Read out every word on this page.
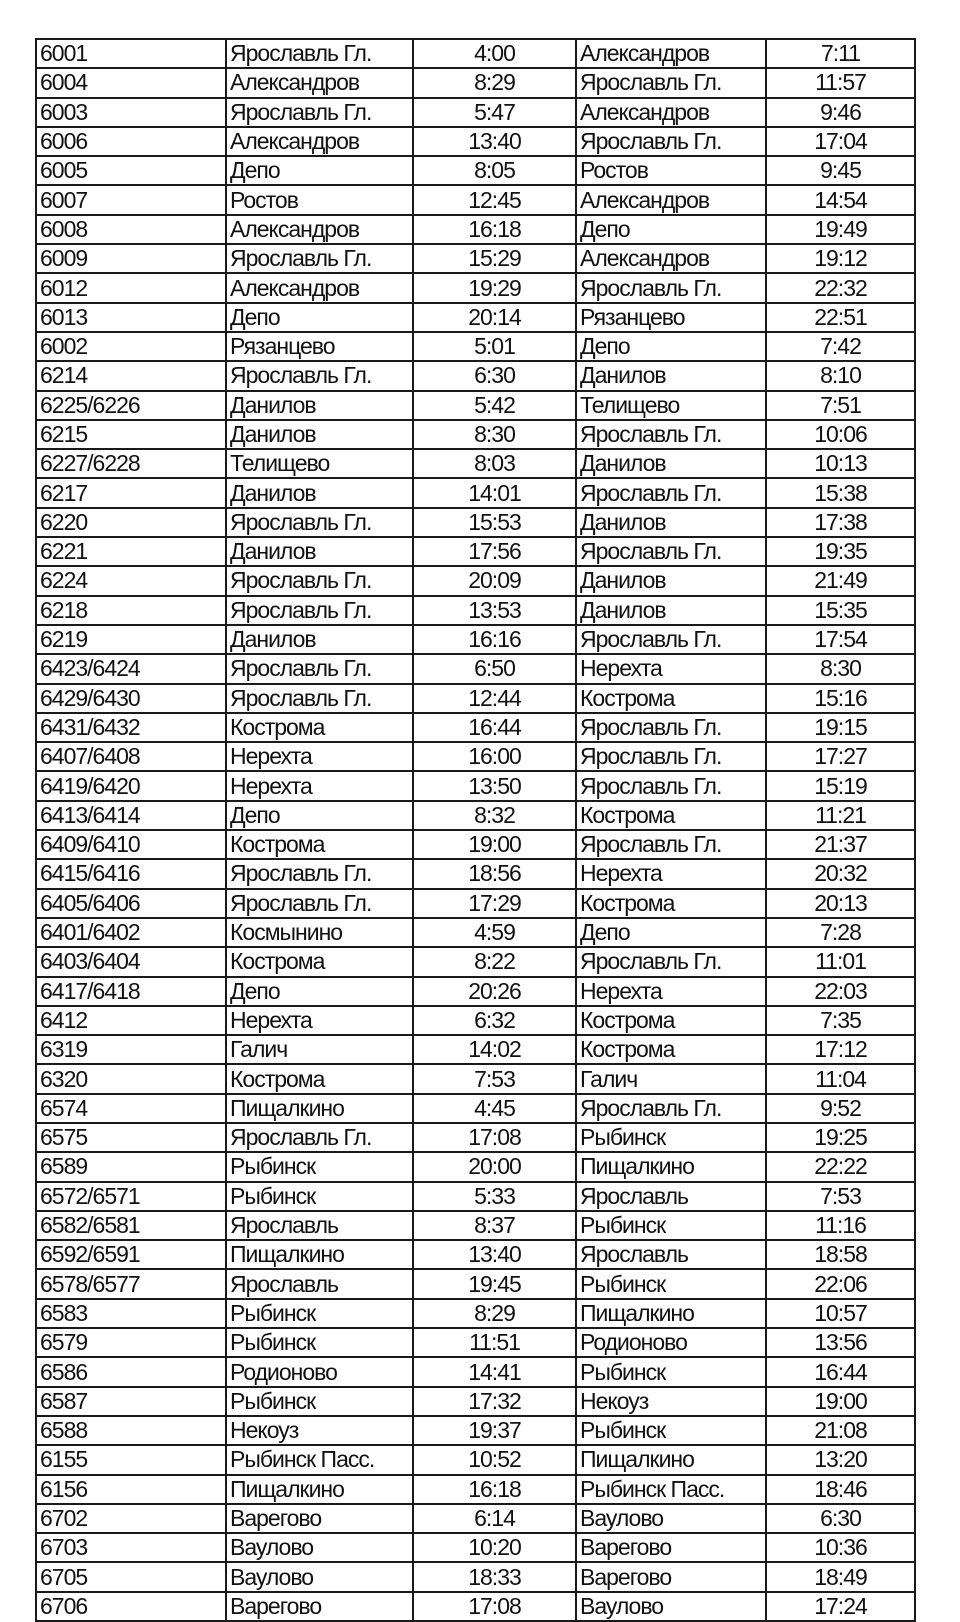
6001	Ярославль Гл.	4:00	Александров	7:11
6004	Александров	8:29	Ярославль Гл.	11:57
6003	Ярославль Гл.	5:47	Александров	9:46
6006	Александров	13:40	Ярославль Гл.	17:04
6005	Депо	8:05	Ростов	9:45
6007	Ростов	12:45	Александров	14:54
6008	Александров	16:18	Депо	19:49
6009	Ярославль Гл.	15:29	Александров	19:12
6012	Александров	19:29	Ярославль Гл.	22:32
6013	Депо	20:14	Рязанцево	22:51
6002	Рязанцево	5:01	Депо	7:42
6214	Ярославль Гл.	6:30	Данилов	8:10
6225/6226	Данилов	5:42	Телищево	7:51
6215	Данилов	8:30	Ярославль Гл.	10:06
6227/6228	Телищево	8:03	Данилов	10:13
6217	Данилов	14:01	Ярославль Гл.	15:38
6220	Ярославль Гл.	15:53	Данилов	17:38
6221	Данилов	17:56	Ярославль Гл.	19:35
6224	Ярославль Гл.	20:09	Данилов	21:49
6218	Ярославль Гл.	13:53	Данилов	15:35
6219	Данилов	16:16	Ярославль Гл.	17:54
6423/6424	Ярославль Гл.	6:50	Нерехта	8:30
6429/6430	Ярославль Гл.	12:44	Кострома	15:16
6431/6432	Кострома	16:44	Ярославль Гл.	19:15
6407/6408	Нерехта	16:00	Ярославль Гл.	17:27
6419/6420	Нерехта	13:50	Ярославль Гл.	15:19
6413/6414	Депо	8:32	Кострома	11:21
6409/6410	Кострома	19:00	Ярославль Гл.	21:37
6415/6416	Ярославль Гл.	18:56	Нерехта	20:32
6405/6406	Ярославль Гл.	17:29	Кострома	20:13
6401/6402	Космынино	4:59	Депо	7:28
6403/6404	Кострома	8:22	Ярославль Гл.	11:01
6417/6418	Депо	20:26	Нерехта	22:03
6412	Нерехта	6:32	Кострома	7:35
6319	Галич	14:02	Кострома	17:12
6320	Кострома	7:53	Галич	11:04
6574	Пищалкино	4:45	Ярославль Гл.	9:52
6575	Ярославль Гл.	17:08	Рыбинск	19:25
6589	Рыбинск	20:00	Пищалкино	22:22
6572/6571	Рыбинск	5:33	Ярославль	7:53
6582/6581	Ярославль	8:37	Рыбинск	11:16
6592/6591	Пищалкино	13:40	Ярославль	18:58
6578/6577	Ярославль	19:45	Рыбинск	22:06
6583	Рыбинск	8:29	Пищалкино	10:57
6579	Рыбинск	11:51	Родионово	13:56
6586	Родионово	14:41	Рыбинск	16:44
6587	Рыбинск	17:32	Некоуз	19:00
6588	Некоуз	19:37	Рыбинск	21:08
6155	Рыбинск Пасс.	10:52	Пищалкино	13:20
6156	Пищалкино	16:18	Рыбинск Пасс.	18:46
6702	Варегово	6:14	Ваулово	6:30
6703	Ваулово	10:20	Варегово	10:36
6705	Ваулово	18:33	Варегово	18:49
6706	Варегово	17:08	Ваулово	17:24
